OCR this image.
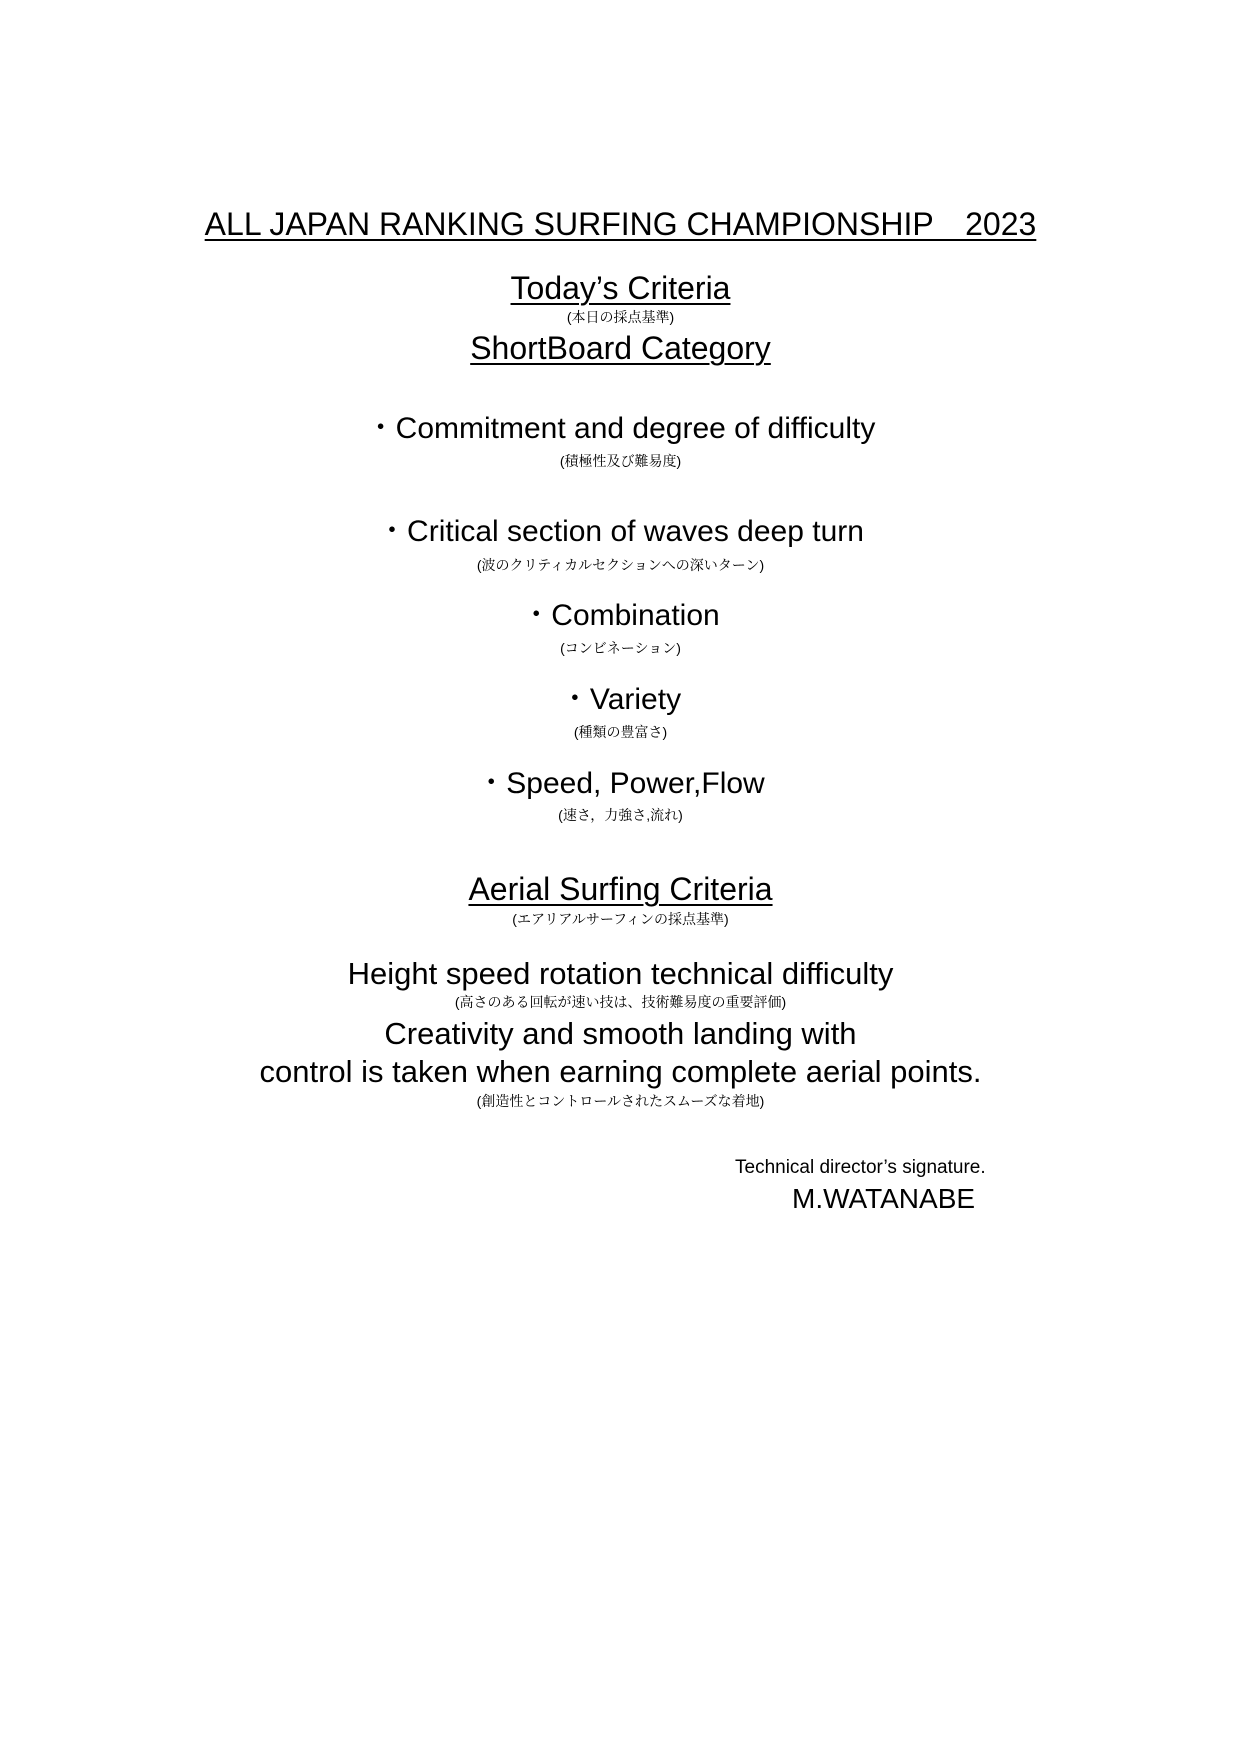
ALL JAPAN RANKING SURFING CHAMPIONSHIP　2023
Today’s Criteria
(本日の採点基準)
ShortBoard Category
・Commitment and degree of difficulty
(積極性及び難易度)
・Critical section of waves deep turn
(波のクリティカルセクションへの深いターン)
・Combination
(コンビネーション)
・Variety
(種類の豊富さ)
・Speed, Power,Flow
(速さ，力強さ,流れ)
Aerial Surfing Criteria
(エアリアルサーフィンの採点基準)
Height speed rotation technical difficulty
(高さのある回転が速い技は、技術難易度の重要評価)
Creativity and smooth landing with
control is taken when earning complete aerial points.
(創造性とコントロールされたスムーズな着地)
Technical director’s signature.
M.WATANABE
